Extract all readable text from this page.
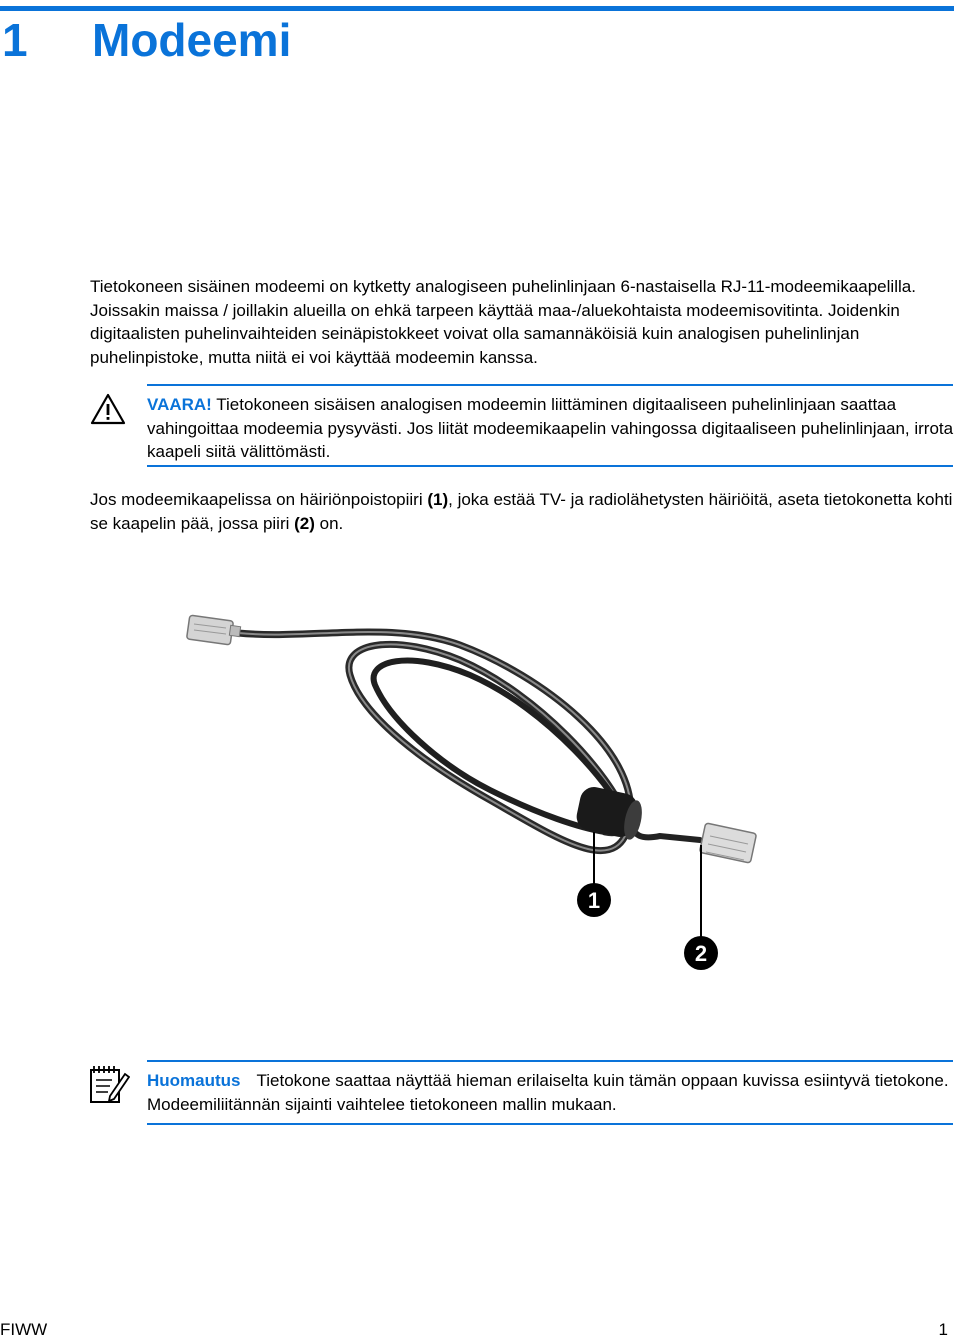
1 Modeemi
Tietokoneen sisäinen modeemi on kytketty analogiseen puhelinlinjaan 6-nastaisella RJ-11-modeemikaapelilla. Joissakin maissa / joillakin alueilla on ehkä tarpeen käyttää maa-/aluekohtaista modeemisovitinta. Joidenkin digitaalisten puhelinvaihteiden seinäpistokkeet voivat olla samannäköisiä kuin analogisen puhelinlinjan puhelinpistoke, mutta niitä ei voi käyttää modeemin kanssa.
VAARA! Tietokoneen sisäisen analogisen modeemin liittäminen digitaaliseen puhelinlinjaan saattaa vahingoittaa modeemia pysyvästi. Jos liität modeemikaapelin vahingossa digitaaliseen puhelinlinjaan, irrota kaapeli siitä välittömästi.
Jos modeemikaapelissa on häiriönpoistopiiri (1), joka estää TV- ja radiolähetysten häiriöitä, aseta tietokonetta kohti se kaapelin pää, jossa piiri (2) on.
1
2
Huomautus Tietokone saattaa näyttää hieman erilaiselta kuin tämän oppaan kuvissa esiintyvä tietokone. Modeemiliitännän sijainti vaihtelee tietokoneen mallin mukaan.
FIWW	1
